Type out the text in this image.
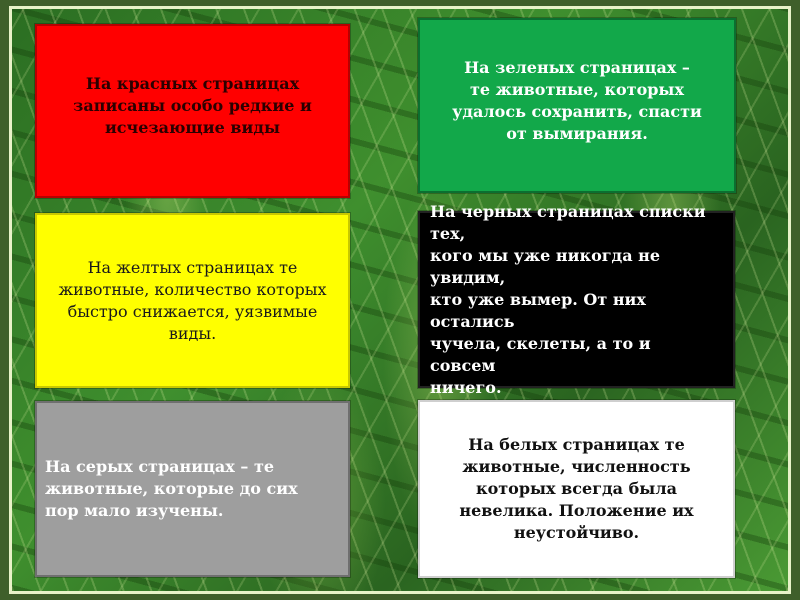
На красных страницах
записаны особо редкие и
исчезающие виды
На зеленых страницах –
те животные, которых
удалось сохранить, спасти
от вымирания.
На желтых страницах те
животные, количество которых
быстро снижается, уязвимые
виды.
На черных страницах списки тех,
кого мы уже никогда не увидим,
кто уже вымер. От них остались
чучела, скелеты, а то и совсем
ничего.
На серых страницах – те
животные, которые до сих
пор мало изучены.
На белых страницах те
животные, численность
которых всегда была
невелика. Положение их
неустойчиво.
